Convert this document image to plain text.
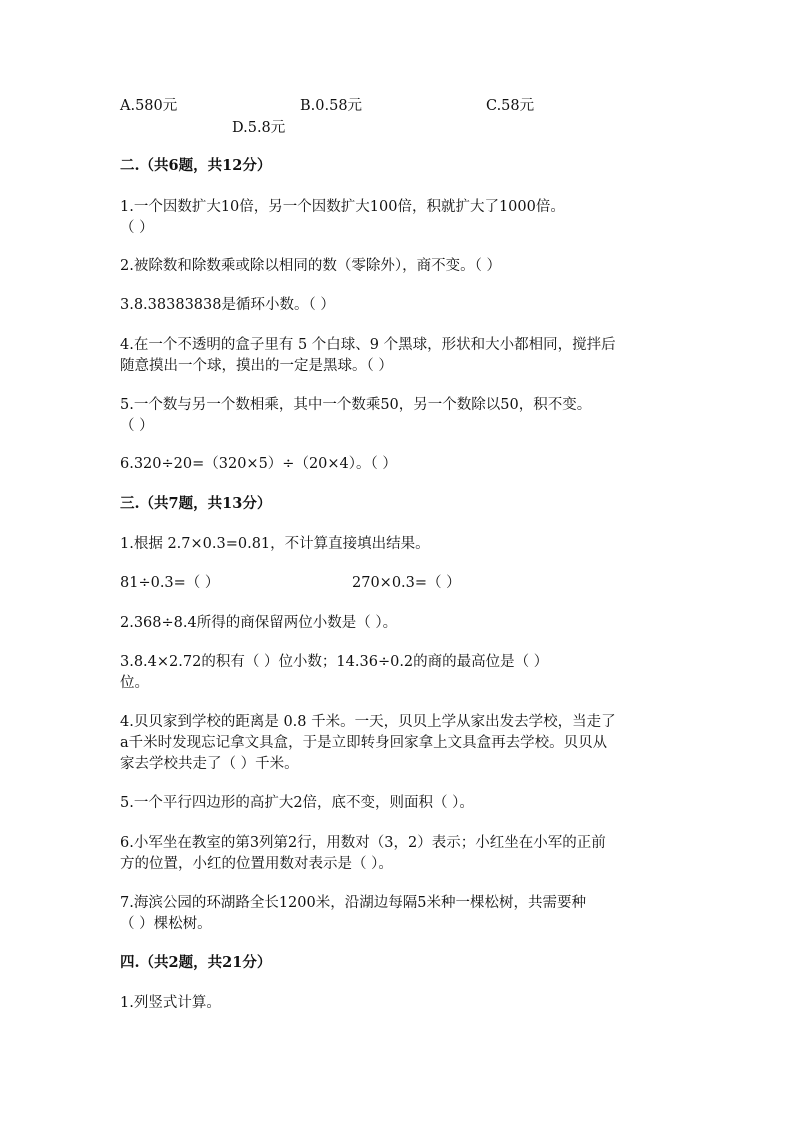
A.580元	B.0.58元	C.58元
D.5.8元
二.（共6题，共12分）
1.一个因数扩大10倍，另一个因数扩大100倍，积就扩大了1000倍。
（ ）
2.被除数和除数乘或除以相同的数（零除外），商不变。（ ）
3.8.38383838是循环小数。（ ）
4.在一个不透明的盒子里有 5 个白球、9 个黑球，形状和大小都相同，搅拌后
随意摸出一个球，摸出的一定是黑球。（ ）
5.一个数与另一个数相乘，其中一个数乘50，另一个数除以50，积不变。
（ ）
6.320÷20=（320×5）÷（20×4）。（ ）
三.（共7题，共13分）
1.根据 2.7×0.3=0.81，不计算直接填出结果。
81÷0.3=（ ）	270×0.3=（ ）
2.368÷8.4所得的商保留两位小数是（ ）。
3.8.4×2.72的积有（ ）位小数；14.36÷0.2的商的最高位是（ ）
位。
4.贝贝家到学校的距离是 0.8 千米。一天，贝贝上学从家出发去学校，当走了
a千米时发现忘记拿文具盒，于是立即转身回家拿上文具盒再去学校。贝贝从
家去学校共走了（ ）千米。
5.一个平行四边形的高扩大2倍，底不变，则面积（ ）。
6.小军坐在教室的第3列第2行，用数对（3，2）表示；小红坐在小军的正前
方的位置，小红的位置用数对表示是（ ）。
7.海滨公园的环湖路全长1200米，沿湖边每隔5米种一棵松树，共需要种
（ ）棵松树。
四.（共2题，共21分）
1.列竖式计算。
